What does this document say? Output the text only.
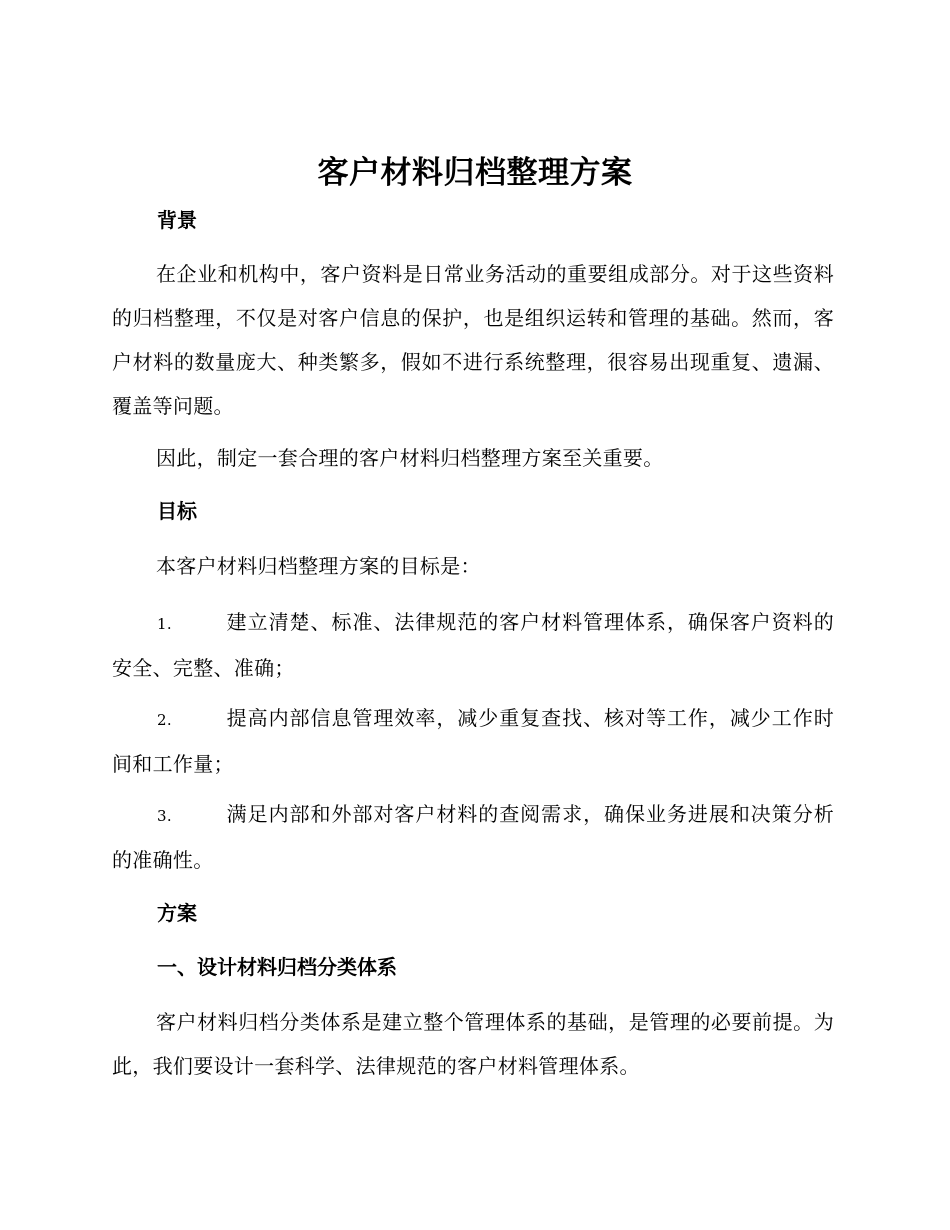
客户材料归档整理方案
背景
在企业和机构中，客户资料是日常业务活动的重要组成部分。对于这些资料的归档整理，不仅是对客户信息的保护，也是组织运转和管理的基础。然而，客户材料的数量庞大、种类繁多，假如不进行系统整理，很容易出现重复、遗漏、覆盖等问题。
因此，制定一套合理的客户材料归档整理方案至关重要。
目标
本客户材料归档整理方案的目标是：
1.	建立清楚、标准、法律规范的客户材料管理体系，确保客户资料的安全、完整、准确；
2.	提高内部信息管理效率，减少重复查找、核对等工作，减少工作时间和工作量；
3.	满足内部和外部对客户材料的查阅需求，确保业务进展和决策分析的准确性。
方案
一、设计材料归档分类体系
客户材料归档分类体系是建立整个管理体系的基础，是管理的必要前提。为此，我们要设计一套科学、法律规范的客户材料管理体系。
